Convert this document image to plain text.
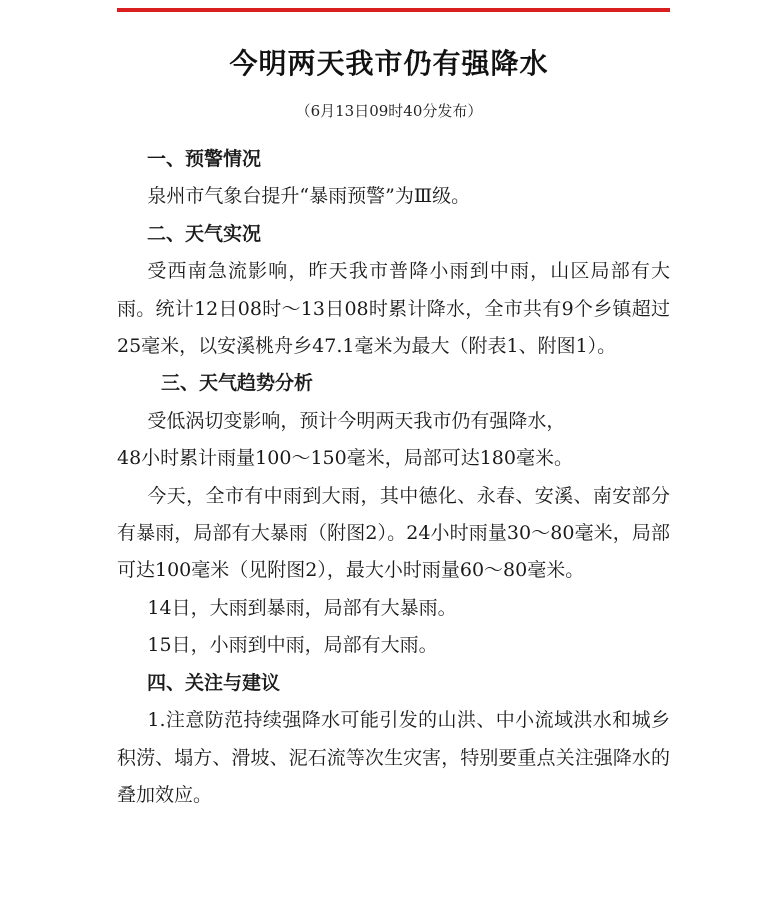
今明两天我市仍有强降水
（6月13日09时40分发布）

一、预警情况

泉州市气象台提升“暴雨预警”为Ⅲ级。

二、天气实况

受西南急流影响，昨天我市普降小雨到中雨，山区局部有大雨。统计12日08时～13日08时累计降水，全市共有9个乡镇超过25毫米，以安溪桃舟乡47.1毫米为最大（附表1、附图1）。

三、天气趋势分析

受低涡切变影响，预计今明两天我市仍有强降水，

48小时累计雨量100～150毫米，局部可达180毫米。

今天，全市有中雨到大雨，其中德化、永春、安溪、南安部分有暴雨，局部有大暴雨（附图2）。24小时雨量30～80毫米，局部可达100毫米（见附图2），最大小时雨量60～80毫米。

14日，大雨到暴雨，局部有大暴雨。

15日，小雨到中雨，局部有大雨。

四、关注与建议

1.注意防范持续强降水可能引发的山洪、中小流域洪水和城乡积涝、塌方、滑坡、泥石流等次生灾害，特别要重点关注强降水的叠加效应。
